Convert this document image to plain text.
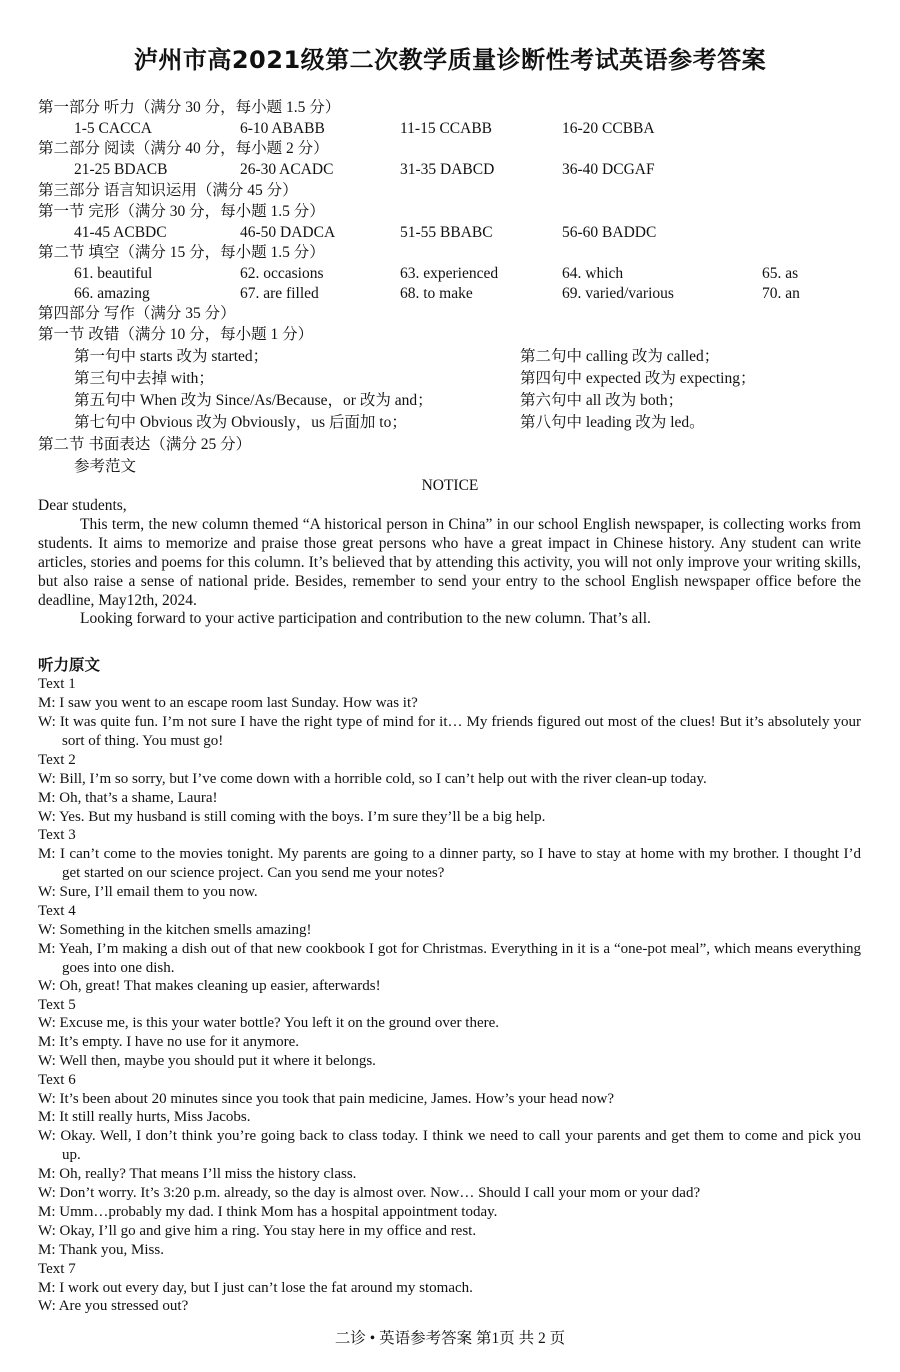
泸州市高2021级第二次教学质量诊断性考试英语参考答案
第一部分 听力（满分 30 分，每小题 1.5 分）
1-5 CACCA	6-10 ABABB	11-15 CCABB	16-20 CCBBA
第二部分 阅读（满分 40 分，每小题 2 分）
21-25 BDACB	26-30 ACADC	31-35 DABCD	36-40 DCGAF
第三部分 语言知识运用（满分 45 分）
第一节 完形（满分 30 分，每小题 1.5 分）
41-45 ACBDC	46-50 DADCA	51-55 BBABC	56-60 BADDC
第二节 填空（满分 15 分，每小题 1.5 分）
61. beautiful	62. occasions	63. experienced	64. which	65. as
66. amazing	67. are filled	68. to make	69. varied/various	70. an
第四部分 写作（满分 35 分）
第一节 改错（满分 10 分，每小题 1 分）
第一句中 starts 改为 started；	第二句中 calling 改为 called；
第三句中去掉 with；	第四句中 expected 改为 expecting；
第五句中 When 改为 Since/As/Because，or 改为 and；	第六句中 all 改为 both；
第七句中 Obvious 改为 Obviously，us 后面加 to；	第八句中 leading 改为 led。
第二节 书面表达（满分 25 分）
参考范文
NOTICE
Dear students,
This term, the new column themed “A historical person in China” in our school English newspaper, is collecting works from students. It aims to memorize and praise those great persons who have a great impact in Chinese history. Any student can write articles, stories and poems for this column. It’s believed that by attending this activity, you will not only improve your writing skills, but also raise a sense of national pride. Besides, remember to send your entry to the school English newspaper office before the deadline, May12th, 2024.
Looking forward to your active participation and contribution to the new column. That’s all.
听力原文
Text 1
M: I saw you went to an escape room last Sunday. How was it?
W: It was quite fun. I’m not sure I have the right type of mind for it… My friends figured out most of the clues! But it’s absolutely your sort of thing. You must go!
Text 2
W: Bill, I’m so sorry, but I’ve come down with a horrible cold, so I can’t help out with the river clean-up today.
M: Oh, that’s a shame, Laura!
W: Yes. But my husband is still coming with the boys. I’m sure they’ll be a big help.
Text 3
M: I can’t come to the movies tonight. My parents are going to a dinner party, so I have to stay at home with my brother. I thought I’d get started on our science project. Can you send me your notes?
W: Sure, I’ll email them to you now.
Text 4
W: Something in the kitchen smells amazing!
M: Yeah, I’m making a dish out of that new cookbook I got for Christmas. Everything in it is a “one-pot meal”, which means everything goes into one dish.
W: Oh, great! That makes cleaning up easier, afterwards!
Text 5
W: Excuse me, is this your water bottle? You left it on the ground over there.
M: It’s empty. I have no use for it anymore.
W: Well then, maybe you should put it where it belongs.
Text 6
W: It’s been about 20 minutes since you took that pain medicine, James. How’s your head now?
M: It still really hurts, Miss Jacobs.
W: Okay. Well, I don’t think you’re going back to class today. I think we need to call your parents and get them to come and pick you up.
M: Oh, really? That means I’ll miss the history class.
W: Don’t worry. It’s 3:20 p.m. already, so the day is almost over. Now… Should I call your mom or your dad?
M: Umm…probably my dad. I think Mom has a hospital appointment today.
W: Okay, I’ll go and give him a ring. You stay here in my office and rest.
M: Thank you, Miss.
Text 7
M: I work out every day, but I just can’t lose the fat around my stomach.
W: Are you stressed out?
二诊 • 英语参考答案 第1页 共 2 页
